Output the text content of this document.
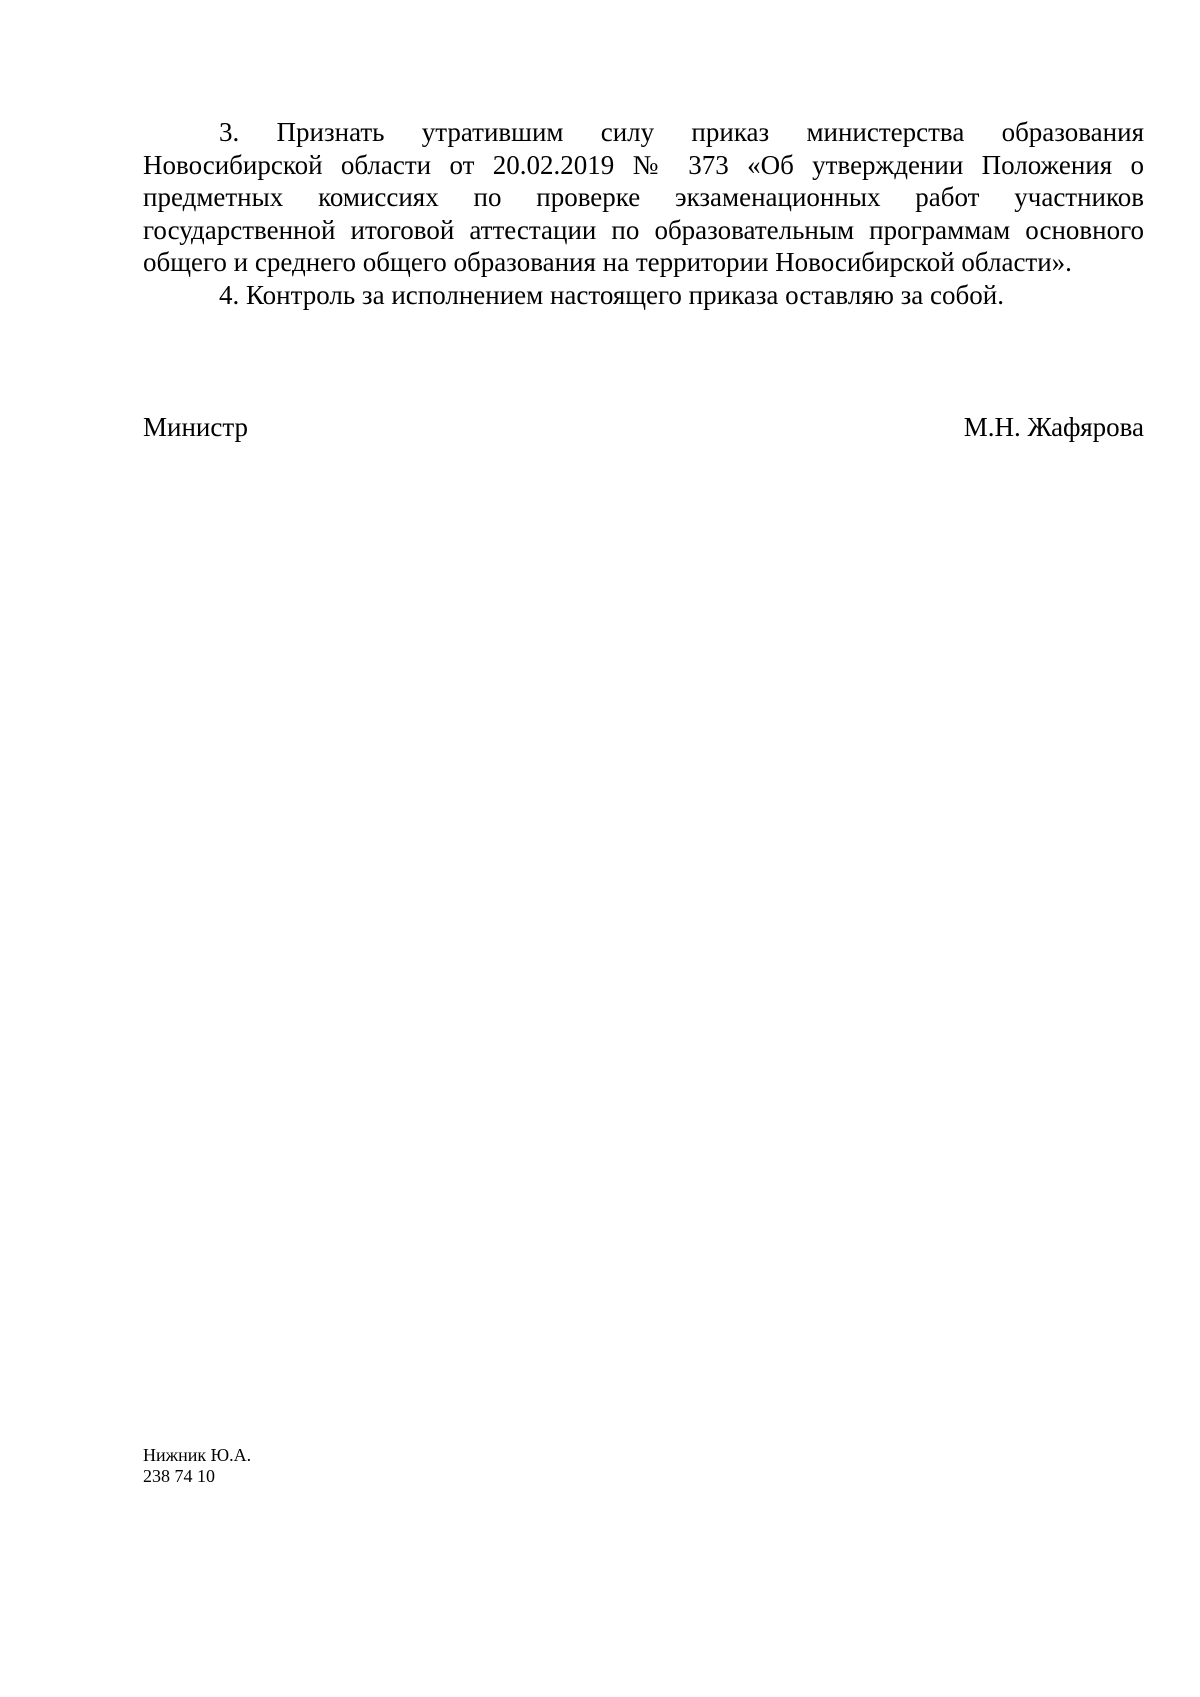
3. Признать утратившим силу приказ министерства образования Новосибирской области от 20.02.2019 № 373 «Об утверждении Положения о предметных комиссиях по проверке экзаменационных работ участников государственной итоговой аттестации по образовательным программам основного общего и среднего общего образования на территории Новосибирской области».

4. Контроль за исполнением настоящего приказа оставляю за собой.

Министр	М.Н. Жафярова
Нижник Ю.А.
238 74 10
